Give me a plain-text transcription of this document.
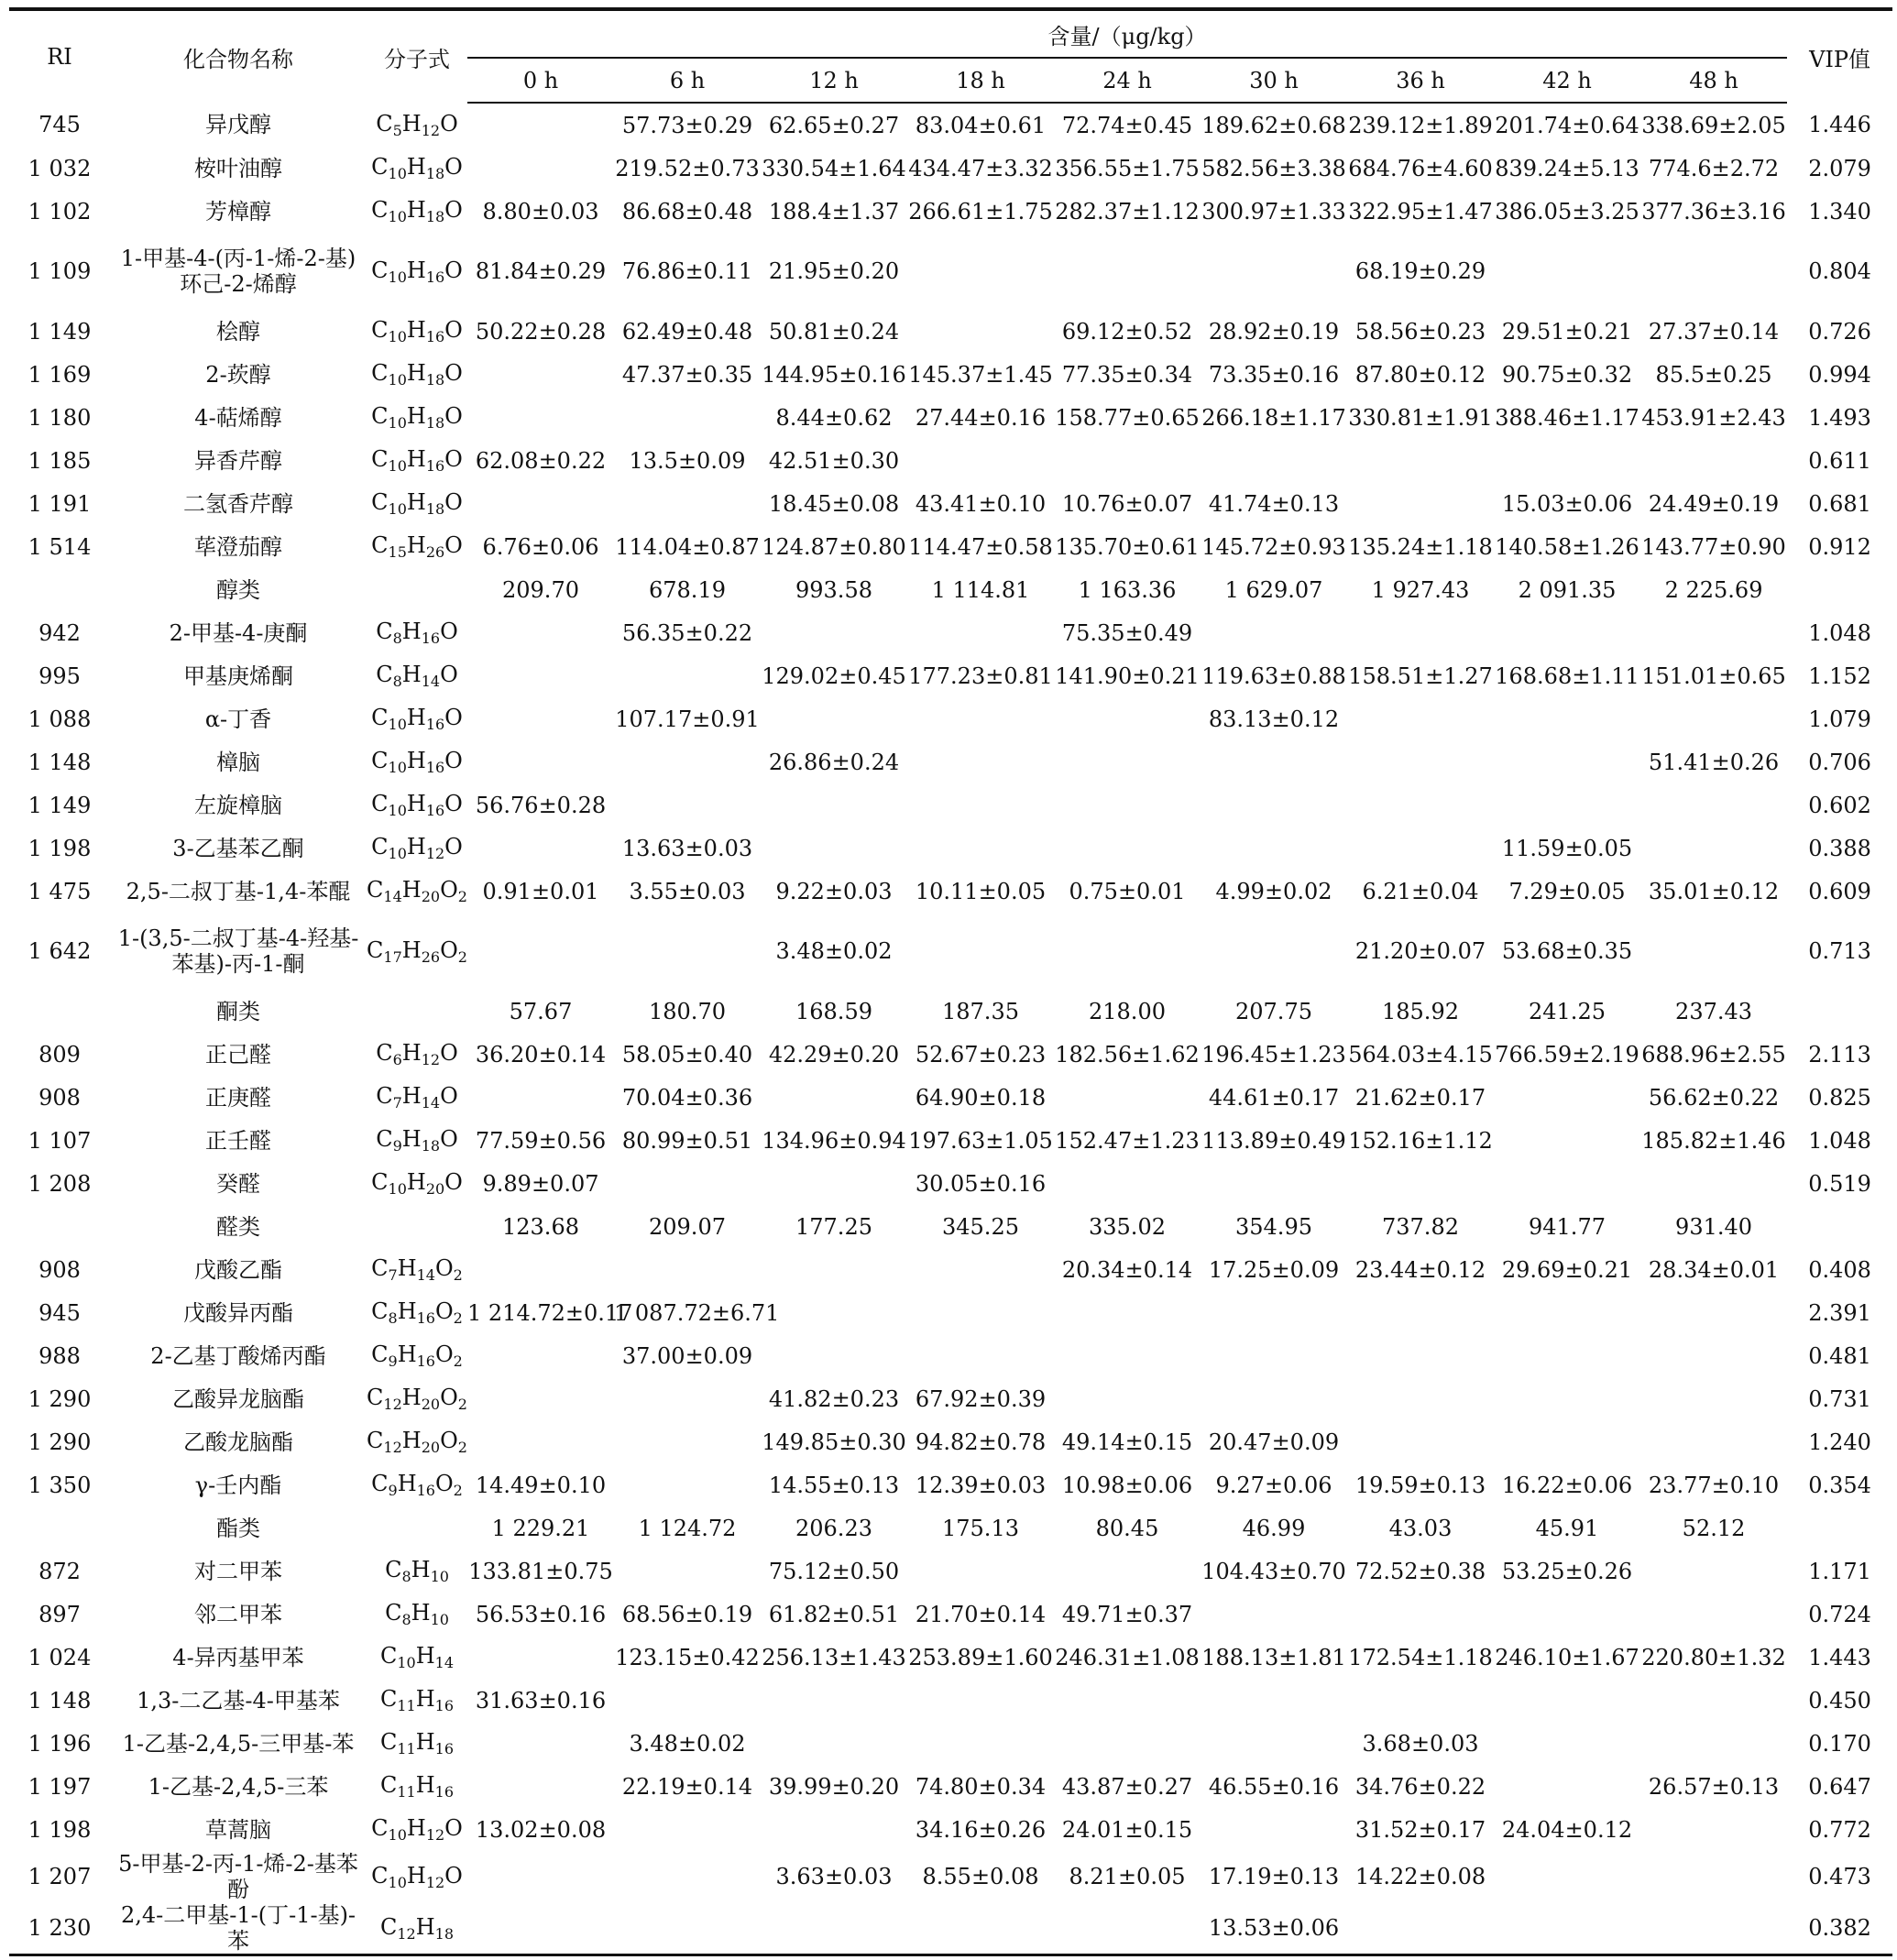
RI	化合物名称	分子式	含量/（μg/kg）									VIP值
			0 h	6 h	12 h	18 h	24 h	30 h	36 h	42 h	48 h	
745	异戊醇	$C_5H_{12}O$		57.73±0.29	62.65±0.27	83.04±0.61	72.74±0.45	189.62±0.68	239.12±1.89	201.74±0.64	338.69±2.05	1.446
1 032	桉叶油醇	$C_{10}H_{18}O$		219.52±0.73	330.54±1.64	434.47±3.32	356.55±1.75	582.56±3.38	684.76±4.60	839.24±5.13	774.6±2.72	2.079
1 102	芳樟醇	$C_{10}H_{18}O$	8.80±0.03	86.68±0.48	188.4±1.37	266.61±1.75	282.37±1.12	300.97±1.33	322.95±1.47	386.05±3.25	377.36±3.16	1.340
1 109	1-甲基-4-(丙-1-烯-2-基)环己-2-烯醇	$C_{10}H_{16}O$	81.84±0.29	76.86±0.11	21.95±0.20				68.19±0.29			0.804
1 149	桧醇	$C_{10}H_{16}O$	50.22±0.28	62.49±0.48	50.81±0.24		69.12±0.52	28.92±0.19	58.56±0.23	29.51±0.21	27.37±0.14	0.726
1 169	2-莰醇	$C_{10}H_{18}O$		47.37±0.35	144.95±0.16	145.37±1.45	77.35±0.34	73.35±0.16	87.80±0.12	90.75±0.32	85.5±0.25	0.994
1 180	4-萜烯醇	$C_{10}H_{18}O$			8.44±0.62	27.44±0.16	158.77±0.65	266.18±1.17	330.81±1.91	388.46±1.17	453.91±2.43	1.493
1 185	异香芹醇	$C_{10}H_{16}O$	62.08±0.22	13.5±0.09	42.51±0.30							0.611
1 191	二氢香芹醇	$C_{10}H_{18}O$			18.45±0.08	43.41±0.10	10.76±0.07	41.74±0.13		15.03±0.06	24.49±0.19	0.681
1 514	荜澄茄醇	$C_{15}H_{26}O$	6.76±0.06	114.04±0.87	124.87±0.80	114.47±0.58	135.70±0.61	145.72±0.93	135.24±1.18	140.58±1.26	143.77±0.90	0.912
	醇类		209.70	678.19	993.58	1 114.81	1 163.36	1 629.07	1 927.43	2 091.35	2 225.69	
942	2-甲基-4-庚酮	$C_8H_{16}O$		56.35±0.22			75.35±0.49					1.048
995	甲基庚烯酮	$C_8H_{14}O$			129.02±0.45	177.23±0.81	141.90±0.21	119.63±0.88	158.51±1.27	168.68±1.11	151.01±0.65	1.152
1 088	α-丁香	$C_{10}H_{16}O$		107.17±0.91				83.13±0.12				1.079
1 148	樟脑	$C_{10}H_{16}O$			26.86±0.24						51.41±0.26	0.706
1 149	左旋樟脑	$C_{10}H_{16}O$	56.76±0.28									0.602
1 198	3-乙基苯乙酮	$C_{10}H_{12}O$		13.63±0.03						11.59±0.05		0.388
1 475	2,5-二叔丁基-1,4-苯醌	$C_{14}H_{20}O_2$	0.91±0.01	3.55±0.03	9.22±0.03	10.11±0.05	0.75±0.01	4.99±0.02	6.21±0.04	7.29±0.05	35.01±0.12	0.609
1 642	1-(3,5-二叔丁基-4-羟基-苯基)-丙-1-酮	$C_{17}H_{26}O_2$			3.48±0.02				21.20±0.07	53.68±0.35		0.713
	酮类		57.67	180.70	168.59	187.35	218.00	207.75	185.92	241.25	237.43	
809	正己醛	$C_6H_{12}O$	36.20±0.14	58.05±0.40	42.29±0.20	52.67±0.23	182.56±1.62	196.45±1.23	564.03±4.15	766.59±2.19	688.96±2.55	2.113
908	正庚醛	$C_7H_{14}O$		70.04±0.36		64.90±0.18		44.61±0.17	21.62±0.17		56.62±0.22	0.825
1 107	正壬醛	$C_9H_{18}O$	77.59±0.56	80.99±0.51	134.96±0.94	197.63±1.05	152.47±1.23	113.89±0.49	152.16±1.12		185.82±1.46	1.048
1 208	癸醛	$C_{10}H_{20}O$	9.89±0.07			30.05±0.16						0.519
	醛类		123.68	209.07	177.25	345.25	335.02	354.95	737.82	941.77	931.40	
908	戊酸乙酯	$C_7H_{14}O_2$					20.34±0.14	17.25±0.09	23.44±0.12	29.69±0.21	28.34±0.01	0.408
945	戊酸异丙酯	$C_8H_{16}O_2$	1 214.72±0.17	1 087.72±6.71								2.391
988	2-乙基丁酸烯丙酯	$C_9H_{16}O_2$		37.00±0.09								0.481
1 290	乙酸异龙脑酯	$C_{12}H_{20}O_2$			41.82±0.23	67.92±0.39						0.731
1 290	乙酸龙脑酯	$C_{12}H_{20}O_2$			149.85±0.30	94.82±0.78	49.14±0.15	20.47±0.09				1.240
1 350	γ-壬内酯	$C_9H_{16}O_2$	14.49±0.10		14.55±0.13	12.39±0.03	10.98±0.06	9.27±0.06	19.59±0.13	16.22±0.06	23.77±0.10	0.354
	酯类		1 229.21	1 124.72	206.23	175.13	80.45	46.99	43.03	45.91	52.12	
872	对二甲苯	$C_8H_{10}$	133.81±0.75		75.12±0.50			104.43±0.70	72.52±0.38	53.25±0.26		1.171
897	邻二甲苯	$C_8H_{10}$	56.53±0.16	68.56±0.19	61.82±0.51	21.70±0.14	49.71±0.37					0.724
1 024	4-异丙基甲苯	$C_{10}H_{14}$		123.15±0.42	256.13±1.43	253.89±1.60	246.31±1.08	188.13±1.81	172.54±1.18	246.10±1.67	220.80±1.32	1.443
1 148	1,3-二乙基-4-甲基苯	$C_{11}H_{16}$	31.63±0.16									0.450
1 196	1-乙基-2,4,5-三甲基-苯	$C_{11}H_{16}$		3.48±0.02					3.68±0.03			0.170
1 197	1-乙基-2,4,5-三苯	$C_{11}H_{16}$		22.19±0.14	39.99±0.20	74.80±0.34	43.87±0.27	46.55±0.16	34.76±0.22		26.57±0.13	0.647
1 198	草蒿脑	$C_{10}H_{12}O$	13.02±0.08			34.16±0.26	24.01±0.15		31.52±0.17	24.04±0.12		0.772
1 207	5-甲基-2-丙-1-烯-2-基苯酚	$C_{10}H_{12}O$			3.63±0.03	8.55±0.08	8.21±0.05	17.19±0.13	14.22±0.08			0.473
1 230	2,4-二甲基-1-(丁-1-基)-苯	$C_{12}H_{18}$						13.53±0.06				0.382
